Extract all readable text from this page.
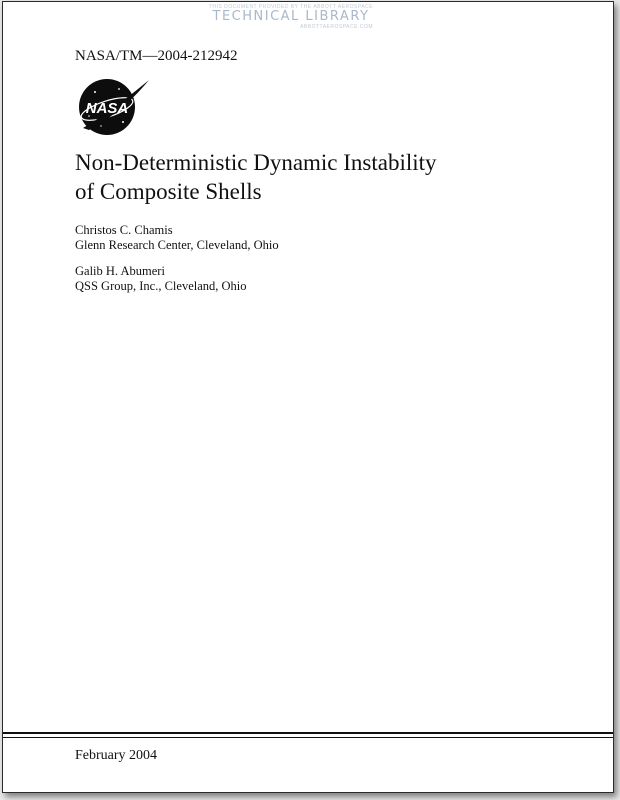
THIS DOCUMENT PROVIDED BY THE ABBOTT AEROSPACE
TECHNICAL LIBRARY
ABBOTTAEROSPACE.COM
NASA/TM—2004-212942
NASA
Non-Deterministic Dynamic Instability
of Composite Shells
Christos C. Chamis
Glenn Research Center, Cleveland, Ohio
Galib H. Abumeri
QSS Group, Inc., Cleveland, Ohio
February 2004
